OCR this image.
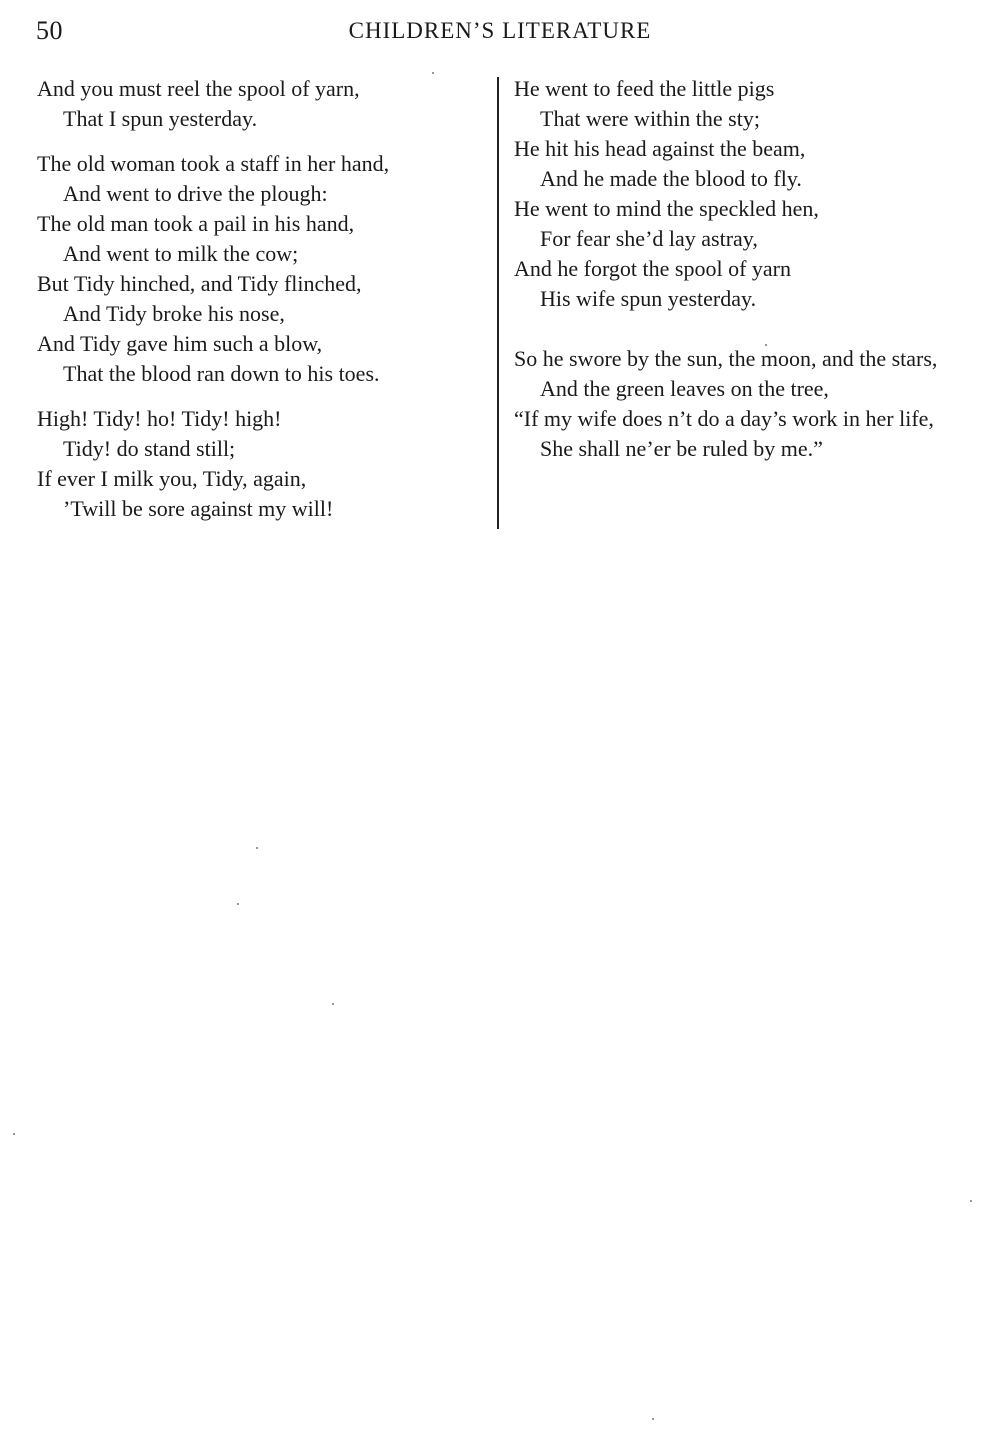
50	CHILDREN’S LITERATURE
And you must reel the spool of yarn,
That I spun yesterday.
The old woman took a staff in her hand,
And went to drive the plough:
The old man took a pail in his hand,
And went to milk the cow;
But Tidy hinched, and Tidy flinched,
And Tidy broke his nose,
And Tidy gave him such a blow,
That the blood ran down to his toes.
High! Tidy! ho! Tidy! high!
Tidy! do stand still;
If ever I milk you, Tidy, again,
’Twill be sore against my will!
He went to feed the little pigs
That were within the sty;
He hit his head against the beam,
And he made the blood to fly.
He went to mind the speckled hen,
For fear she’d lay astray,
And he forgot the spool of yarn
His wife spun yesterday.
So he swore by the sun, the moon, and the stars,
And the green leaves on the tree,
“If my wife does n’t do a day’s work in her life,
She shall ne’er be ruled by me.”
